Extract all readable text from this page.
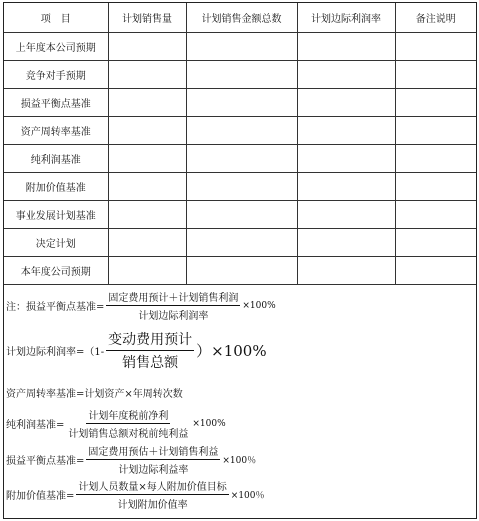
项　目	计划销售量	计划销售金额总数	计划边际利润率	备注说明
上年度本公司预期				
竞争对手预期				
损益平衡点基准				
资产周转率基准				
纯利润基准				
附加价值基准				
事业发展计划基准				
决定计划				
本年度公司预期				
注：损益平衡点基准= $\frac{\text{固定费用预计＋计划销售利润}}{\text{计划边际利润率}} \times 100\%$
计划边际利润率= （$1- \frac{\text{变动费用预计}}{\text{销售总额}}$ ） ×100%
资产周转率基准=计划资产×年周转次数
纯利润基准= $\frac{\text{计划年度税前净利}}{\text{计划销售总额对税前纯利益}} \times 100\%$
损益平衡点基准= $\frac{\text{固定费用预估＋计划销售利益}}{\text{计划边际利益率}} \times 100$％
附加价值基准= $\frac{\text{计划人员数量×每人附加价值目标}}{\text{计划附加价值率}} \times 100$％
